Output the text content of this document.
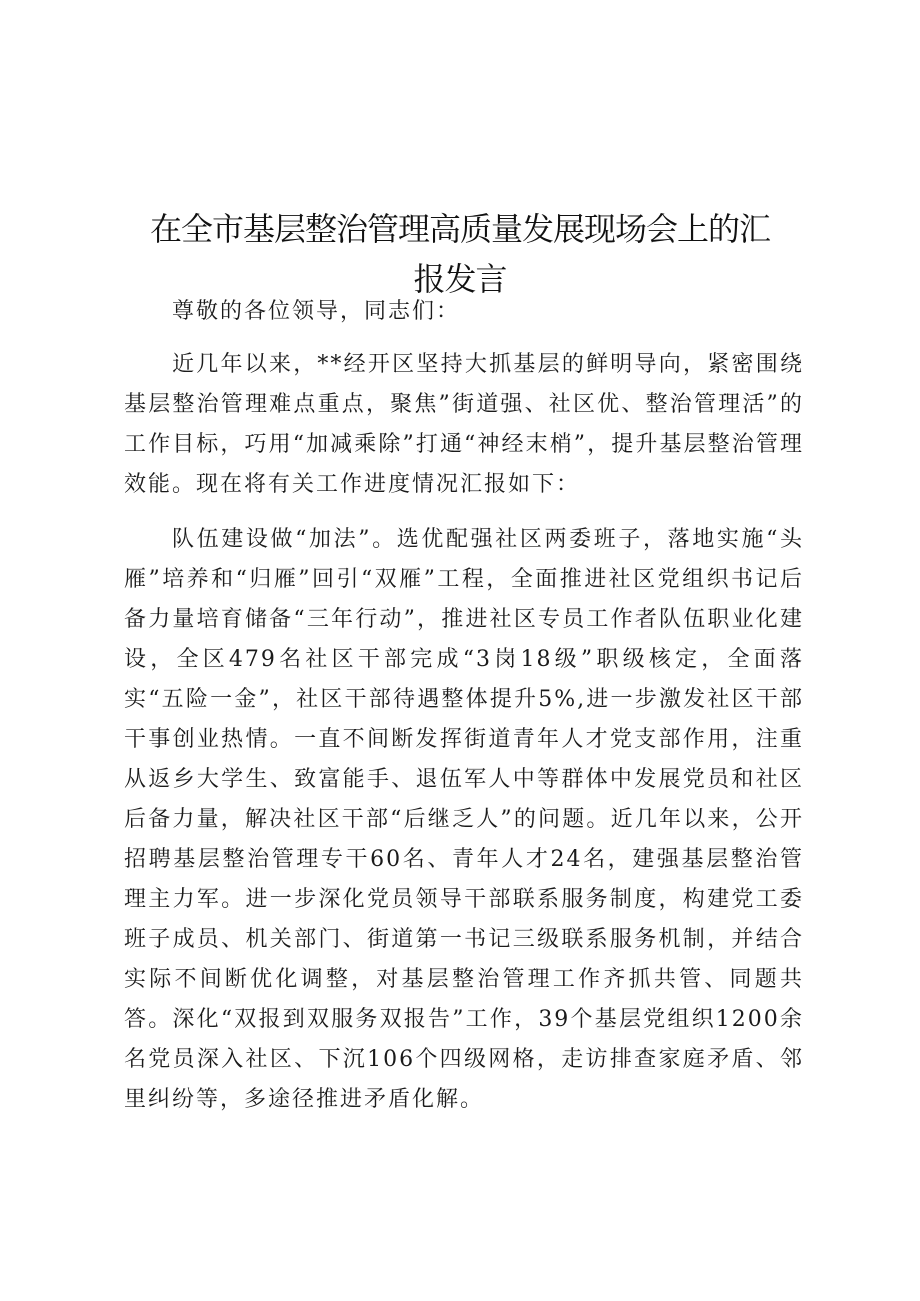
在全市基层整治管理高质量发展现场会上的汇
报发言

尊敬的各位领导，同志们：

近几年以来，**经开区坚持大抓基层的鲜明导向，紧密围绕基层整治管理难点重点，聚焦”街道强、社区优、整治管理活”的工作目标，巧用“加减乘除”打通“神经末梢”，提升基层整治管理效能。现在将有关工作进度情况汇报如下：

队伍建设做“加法”。选优配强社区两委班子，落地实施“头雁”培养和“归雁”回引“双雁”工程，全面推进社区党组织书记后备力量培育储备“三年行动”，推进社区专员工作者队伍职业化建设，全区479名社区干部完成“3岗18级”职级核定，全面落实“五险一金”，社区干部待遇整体提升5%,进一步激发社区干部干事创业热情。一直不间断发挥街道青年人才党支部作用，注重从返乡大学生、致富能手、退伍军人中等群体中发展党员和社区后备力量，解决社区干部“后继乏人”的问题。近几年以来，公开招聘基层整治管理专干60名、青年人才24名，建强基层整治管理主力军。进一步深化党员领导干部联系服务制度，构建党工委班子成员、机关部门、街道第一书记三级联系服务机制，并结合实际不间断优化调整，对基层整治管理工作齐抓共管、同题共答。深化“双报到双服务双报告”工作，39个基层党组织1200余名党员深入社区、下沉106个四级网格，走访排查家庭矛盾、邻里纠纷等，多途径推进矛盾化解。
